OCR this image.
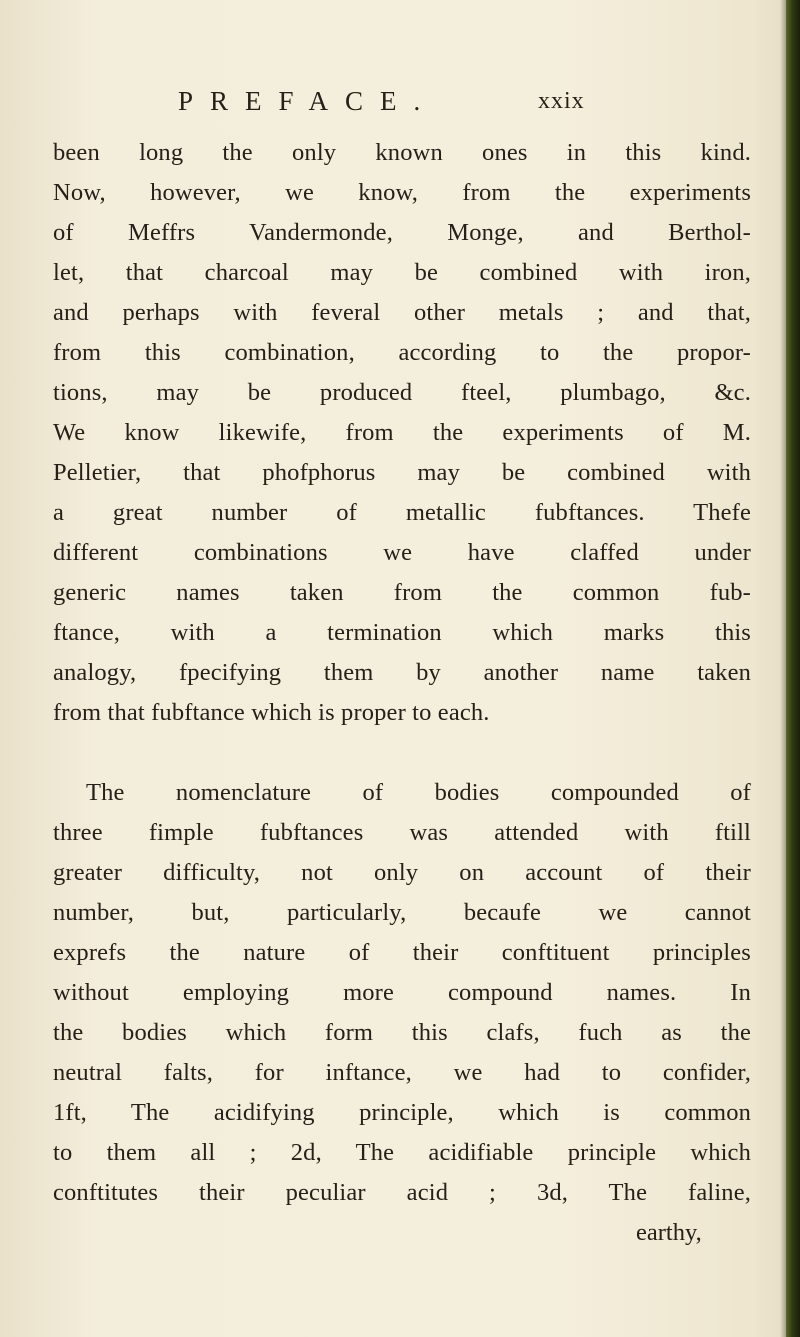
PREFACE.	xxix
been long the only known ones in this kind.
Now, however, we know, from the experiments
of Meffrs Vandermonde, Monge, and Berthol-
let, that charcoal may be combined with iron,
and perhaps with feveral other metals ; and that,
from this combination, according to the propor-
tions, may be produced fteel, plumbago, &c.
We know likewife, from the experiments of M.
Pelletier, that phofphorus may be combined with
a great number of metallic fubftances. Thefe
different combinations we have claffed under
generic names taken from the common fub-
ftance, with a termination which marks this
analogy, fpecifying them by another name taken
from that fubftance which is proper to each.
The nomenclature of bodies compounded of
three fimple fubftances was attended with ftill
greater difficulty, not only on account of their
number, but, particularly, becaufe we cannot
exprefs the nature of their conftituent principles
without employing more compound names. In
the bodies which form this clafs, fuch as the
neutral falts, for inftance, we had to confider,
1ft, The acidifying principle, which is common
to them all ; 2d, The acidifiable principle which
conftitutes their peculiar acid ; 3d, The faline,
earthy,
